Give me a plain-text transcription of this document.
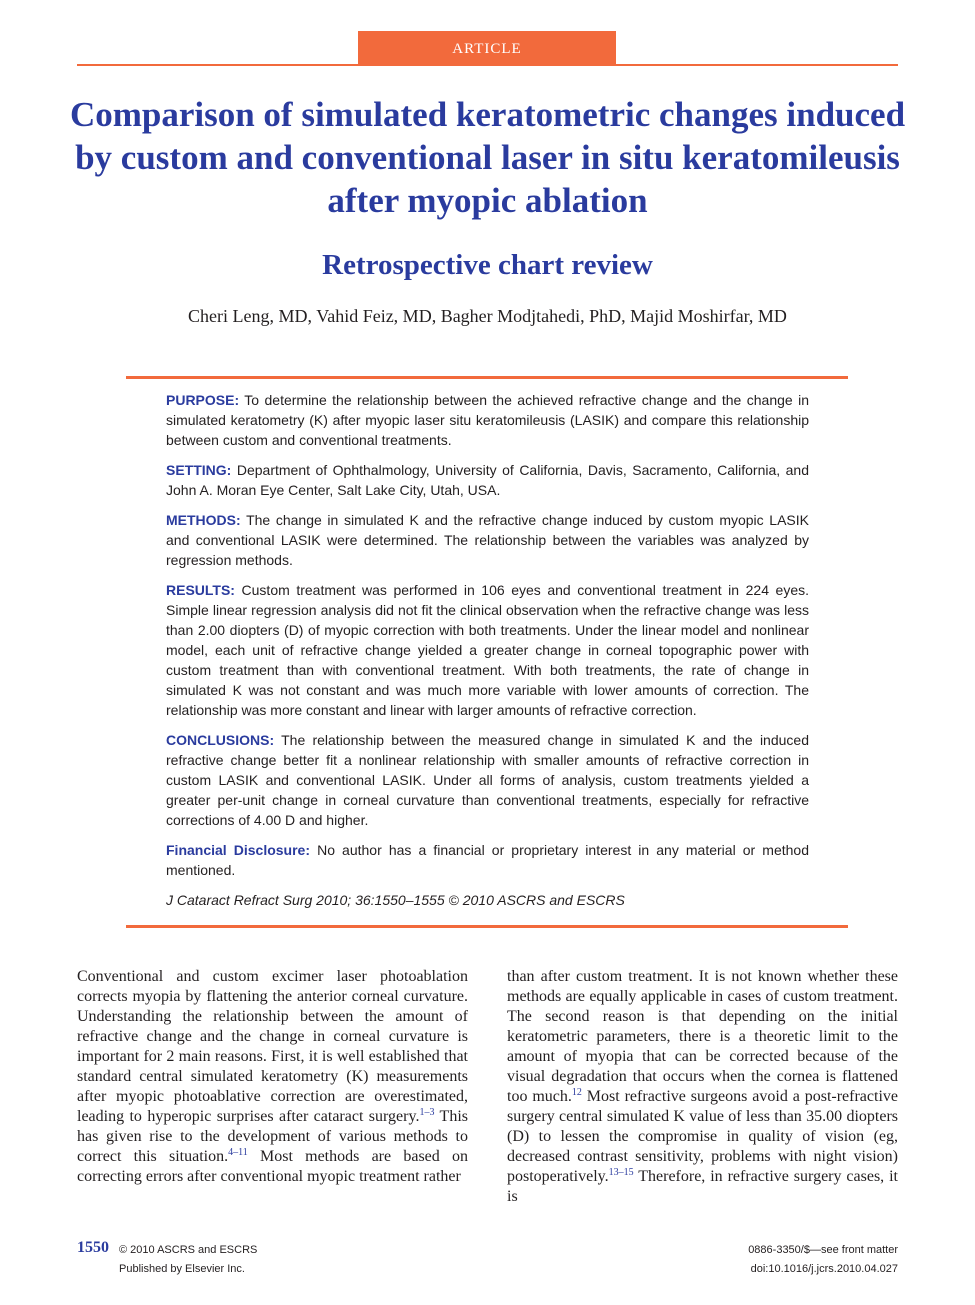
ARTICLE
Comparison of simulated keratometric changes induced by custom and conventional laser in situ keratomileusis after myopic ablation
Retrospective chart review
Cheri Leng, MD, Vahid Feiz, MD, Bagher Modjtahedi, PhD, Majid Moshirfar, MD

PURPOSE: To determine the relationship between the achieved refractive change and the change in simulated keratometry (K) after myopic laser situ keratomileusis (LASIK) and compare this relationship between custom and conventional treatments.

SETTING: Department of Ophthalmology, University of California, Davis, Sacramento, California, and John A. Moran Eye Center, Salt Lake City, Utah, USA.

METHODS: The change in simulated K and the refractive change induced by custom myopic LASIK and conventional LASIK were determined. The relationship between the variables was analyzed by regression methods.

RESULTS: Custom treatment was performed in 106 eyes and conventional treatment in 224 eyes. Simple linear regression analysis did not fit the clinical observation when the refractive change was less than 2.00 diopters (D) of myopic correction with both treatments. Under the linear model and nonlinear model, each unit of refractive change yielded a greater change in corneal topographic power with custom treatment than with conventional treatment. With both treatments, the rate of change in simulated K was not constant and was much more variable with lower amounts of correction. The relationship was more constant and linear with larger amounts of refractive correction.

CONCLUSIONS: The relationship between the measured change in simulated K and the induced refractive change better fit a nonlinear relationship with smaller amounts of refractive correction in custom LASIK and conventional LASIK. Under all forms of analysis, custom treatments yielded a greater per-unit change in corneal curvature than conventional treatments, especially for refractive corrections of 4.00 D and higher.

Financial Disclosure: No author has a financial or proprietary interest in any material or method mentioned.

J Cataract Refract Surg 2010; 36:1550–1555 © 2010 ASCRS and ESCRS

Conventional and custom excimer laser photoablation corrects myopia by flattening the anterior corneal curvature. Understanding the relationship between the amount of refractive change and the change in corneal curvature is important for 2 main reasons. First, it is well established that standard central simulated keratometry (K) measurements after myopic photoablative correction are overestimated, leading to hyperopic surprises after cataract surgery.$^{1-3}$ This has given rise to the development of various methods to correct this situation.$^{4-11}$ Most methods are based on correcting errors after conventional myopic treatment rather

than after custom treatment. It is not known whether these methods are equally applicable in cases of custom treatment. The second reason is that depending on the initial keratometric parameters, there is a theoretic limit to the amount of myopia that can be corrected because of the visual degradation that occurs when the cornea is flattened too much.$^{12}$ Most refractive surgeons avoid a post-refractive surgery central simulated K value of less than 35.00 diopters (D) to lessen the compromise in quality of vision (eg, decreased contrast sensitivity, problems with night vision) postoperatively.$^{13-15}$ Therefore, in refractive surgery cases, it is

1550 © 2010 ASCRS and ESCRS
Published by Elsevier Inc.
0886-3350/$—see front matter
doi:10.1016/j.jcrs.2010.04.027
